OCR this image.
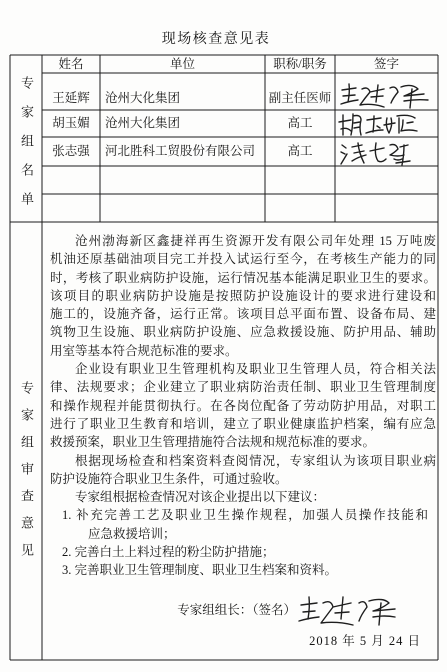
现场核查意见表
专家组名单
姓名	单位	职称/职务	签字
王延辉	沧州大化集团	副主任医师
胡玉媚	沧州大化集团	高工
张志强	河北胜科工贸股份有限公司	高工
专家组审查意见
沧州渤海新区鑫捷祥再生资源开发有限公司年处理 15 万吨废
机油还原基础油项目完工并投入试运行至今，在考核生产能力的同
时，考核了职业病防护设施，运行情况基本能满足职业卫生的要求。
该项目的职业病防护设施是按照防护设施设计的要求进行建设和
施工的，设施齐备，运行正常。该项目总平面布置、设备布局、建
筑物卫生设施、职业病防护设施、应急救援设施、防护用品、辅助
用室等基本符合规范标准的要求。
企业设有职业卫生管理机构及职业卫生管理人员，符合相关法
律、法规要求；企业建立了职业病防治责任制、职业卫生管理制度
和操作规程并能贯彻执行。在各岗位配备了劳动防护用品，对职工
进行了职业卫生教育和培训，建立了职业健康监护档案，编有应急
救援预案，职业卫生管理措施符合法规和规范标准的要求。
根据现场检查和档案资料查阅情况，专家组认为该项目职业病
防护设施符合职业卫生条件，可通过验收。
专家组根据检查情况对该企业提出以下建议：
1. 补充完善工艺及职业卫生操作规程，加强人员操作技能和
应急救援培训；
2. 完善白土上料过程的粉尘防护措施；
3. 完善职业卫生管理制度、职业卫生档案和资料。
专家组组长：（签名）
2018 年 5 月 24 日
